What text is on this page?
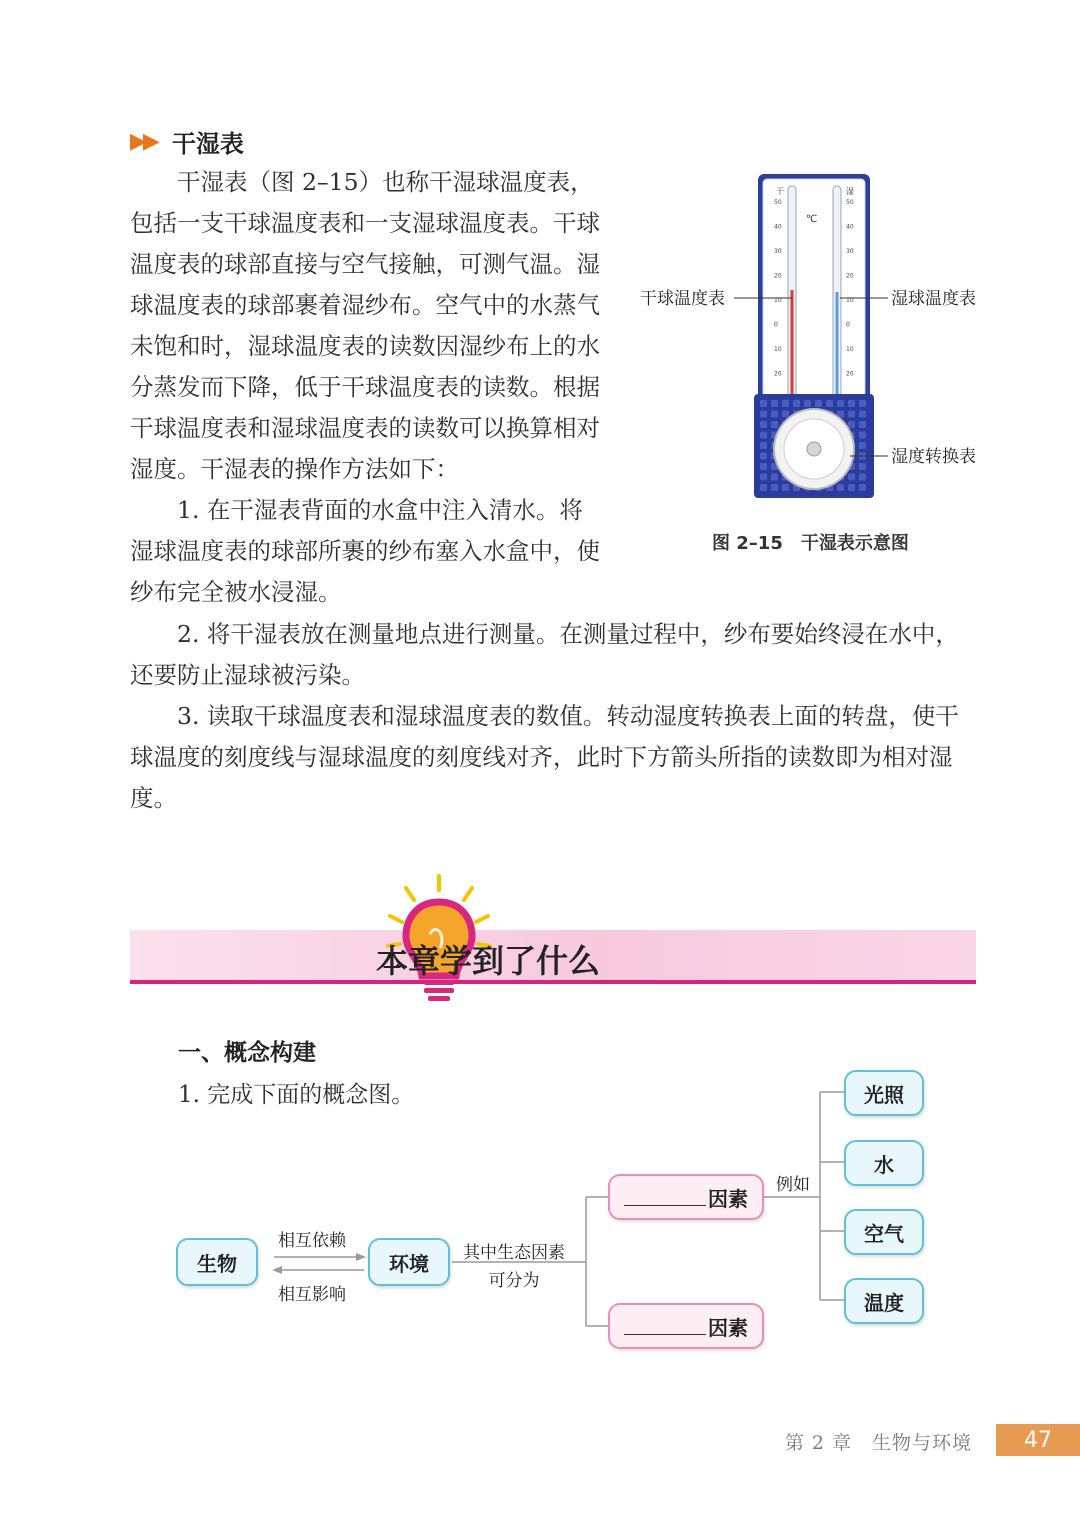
▶▶ 干湿表

干湿表（图 2–15）也称干湿球温度表，包括一支干球温度表和一支湿球温度表。干球温度表的球部直接与空气接触，可测气温。湿球温度表的球部裹着湿纱布。空气中的水蒸气未饱和时，湿球温度表的读数因湿纱布上的水分蒸发而下降，低于干球温度表的读数。根据干球温度表和湿球温度表的读数可以换算相对湿度。干湿表的操作方法如下：

1. 在干湿表背面的水盒中注入清水。将湿球温度表的球部所裹的纱布塞入水盒中，使纱布完全被水浸湿。

2. 将干湿表放在测量地点进行测量。在测量过程中，纱布要始终浸在水中，还要防止湿球被污染。

3. 读取干球温度表和湿球温度表的数值。转动湿度转换表上面的转盘，使干球温度的刻度线与湿球温度的刻度线对齐，此时下方箭头所指的读数即为相对湿度。

干	湿
℃
50	50
40	40
30	30
20	20
10	10
0	0
10	10
20	20
干球温度表	湿球温度表
湿度转换表
图 2–15　干湿表示意图
本章学到了什么
一、概念构建
1. 完成下面的概念图。
生物	环境
相互依赖
相互影响
其中生态因素
可分为
因素
因素
例如
光照
水
空气
温度
第 2 章　生物与环境	47
